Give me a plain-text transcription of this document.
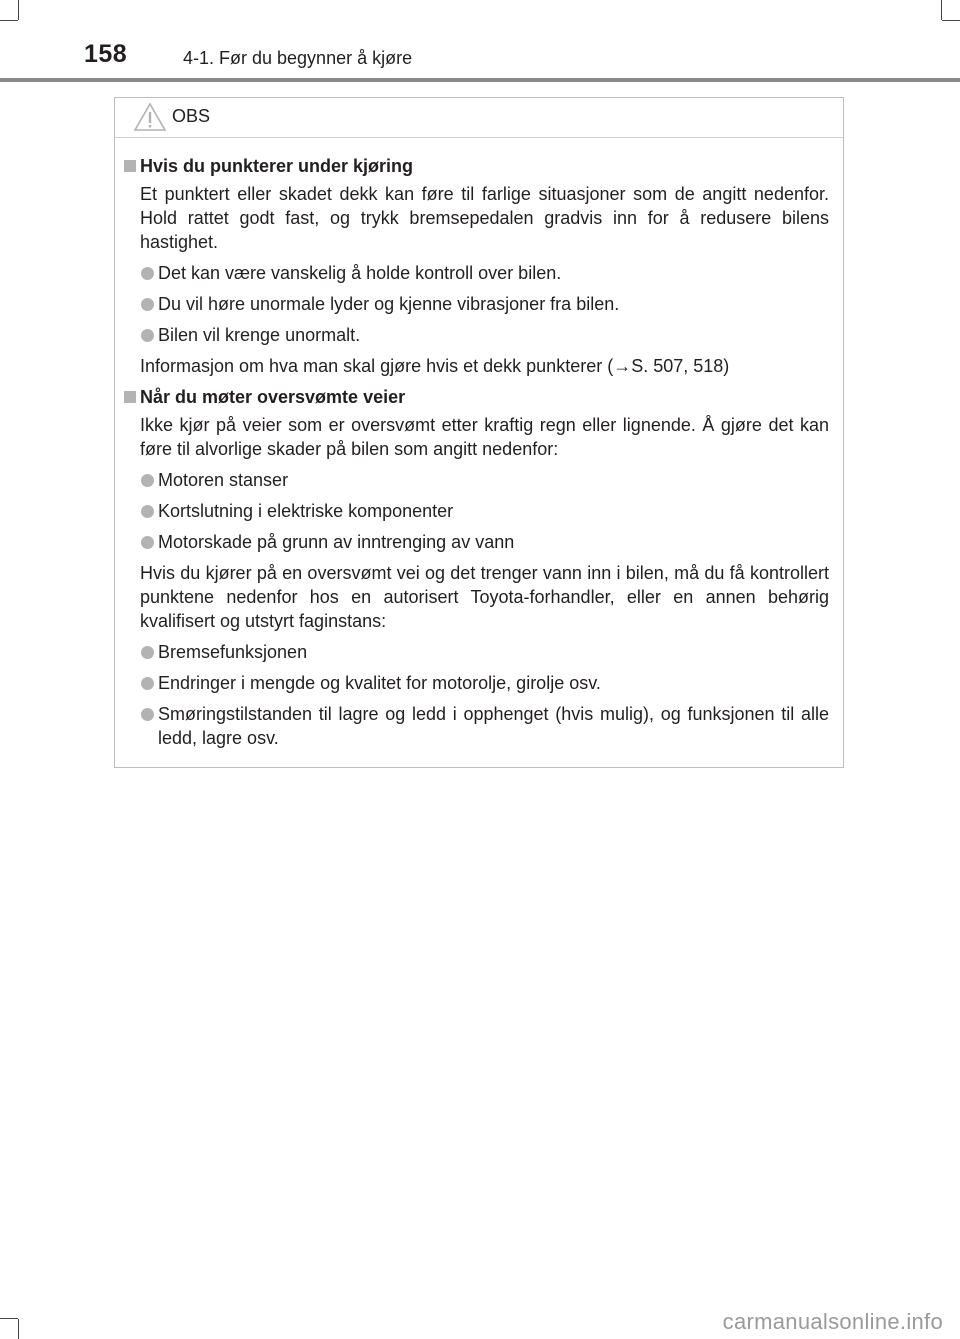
158	4-1. Før du begynner å kjøre
OBS
Hvis du punkterer under kjøring
Et punktert eller skadet dekk kan føre til farlige situasjoner som de angitt nedenfor. Hold rattet godt fast, og trykk bremsepedalen gradvis inn for å redusere bilens hastighet.
Det kan være vanskelig å holde kontroll over bilen.
Du vil høre unormale lyder og kjenne vibrasjoner fra bilen.
Bilen vil krenge unormalt.
Informasjon om hva man skal gjøre hvis et dekk punkterer (→S. 507, 518)
Når du møter oversvømte veier
Ikke kjør på veier som er oversvømt etter kraftig regn eller lignende. Å gjøre det kan føre til alvorlige skader på bilen som angitt nedenfor:
Motoren stanser
Kortslutning i elektriske komponenter
Motorskade på grunn av inntrenging av vann
Hvis du kjører på en oversvømt vei og det trenger vann inn i bilen, må du få kontrollert punktene nedenfor hos en autorisert Toyota-forhandler, eller en annen behørig kvalifisert og utstyrt faginstans:
Bremsefunksjonen
Endringer i mengde og kvalitet for motorolje, girolje osv.
Smøringstilstanden til lagre og ledd i opphenget (hvis mulig), og funksjonen til alle ledd, lagre osv.
carmanualsonline.info
